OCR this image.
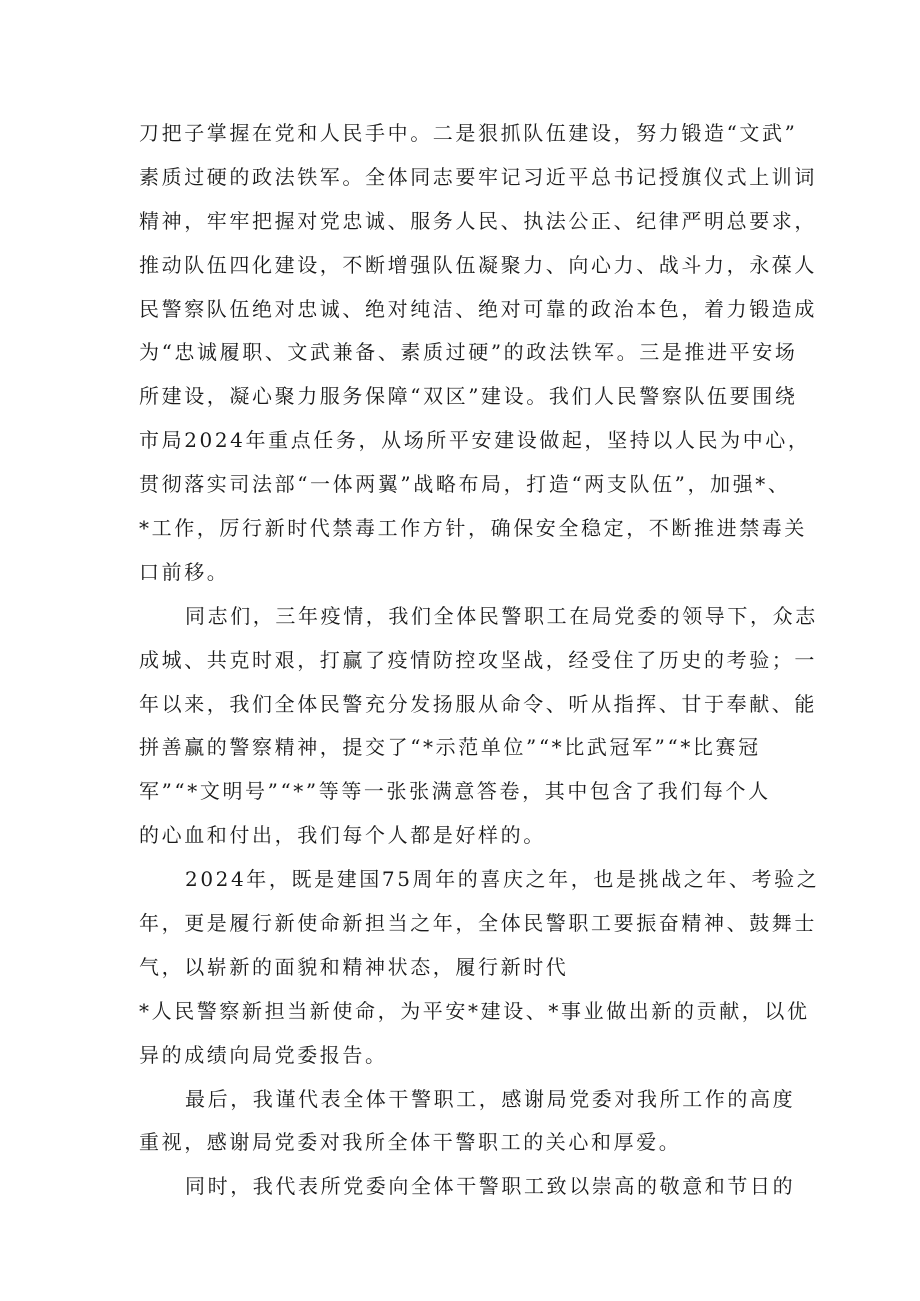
刀把子掌握在党和人民手中。二是狠抓队伍建设，努力锻造“文武”
素质过硬的政法铁军。全体同志要牢记习近平总书记授旗仪式上训词
精神，牢牢把握对党忠诚、服务人民、执法公正、纪律严明总要求，
推动队伍四化建设，不断增强队伍凝聚力、向心力、战斗力，永葆人
民警察队伍绝对忠诚、绝对纯洁、绝对可靠的政治本色，着力锻造成
为“忠诚履职、文武兼备、素质过硬”的政法铁军。三是推进平安场
所建设，凝心聚力服务保障“双区”建设。我们人民警察队伍要围绕
市局2024年重点任务，从场所平安建设做起，坚持以人民为中心，
贯彻落实司法部“一体两翼”战略布局，打造“两支队伍”，加强*、
*工作，厉行新时代禁毒工作方针，确保安全稳定，不断推进禁毒关
口前移。
同志们，三年疫情，我们全体民警职工在局党委的领导下，众志
成城、共克时艰，打赢了疫情防控攻坚战，经受住了历史的考验；一
年以来，我们全体民警充分发扬服从命令、听从指挥、甘于奉献、能
拼善赢的警察精神，提交了“*示范单位”“*比武冠军”“*比赛冠
军”“*文明号”“*”等等一张张满意答卷，其中包含了我们每个人
的心血和付出，我们每个人都是好样的。
2024年，既是建国75周年的喜庆之年，也是挑战之年、考验之
年，更是履行新使命新担当之年，全体民警职工要振奋精神、鼓舞士
气，以崭新的面貌和精神状态，履行新时代
*人民警察新担当新使命，为平安*建设、*事业做出新的贡献，以优
异的成绩向局党委报告。
最后，我谨代表全体干警职工，感谢局党委对我所工作的高度
重视，感谢局党委对我所全体干警职工的关心和厚爱。
同时，我代表所党委向全体干警职工致以崇高的敬意和节日的
